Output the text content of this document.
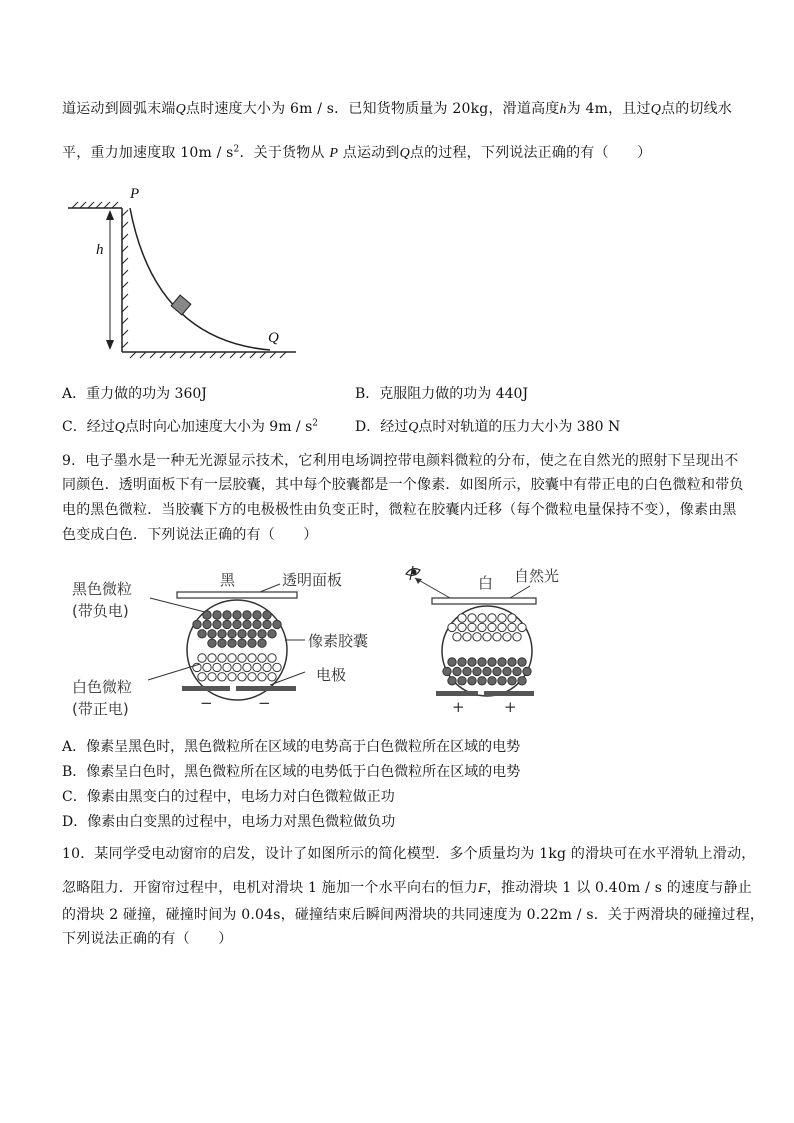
道运动到圆弧末端Q点时速度大小为 6m / s．已知货物质量为 20kg，滑道高度h为 4m，且过Q点的切线水
平，重力加速度取 $10m / s^2$．关于货物从 P 点运动到Q点的过程，下列说法正确的有（　　）
P
h
Q
A．重力做的功为 360J	B．克服阻力做的功为 440J
C．经过Q点时向心加速度大小为 $9m / s^2$	D．经过Q点时对轨道的压力大小为 380 N
9．电子墨水是一种无光源显示技术，它利用电场调控带电颜料微粒的分布，使之在自然光的照射下呈现出不
同颜色．透明面板下有一层胶囊，其中每个胶囊都是一个像素．如图所示，胶囊中有带正电的白色微粒和带负
电的黑色微粒．当胶囊下方的电极极性由负变正时，微粒在胶囊内迁移（每个微粒电量保持不变），像素由黑
色变成白色．下列说法正确的有（　　）
黑色微粒
(带负电)
黑	透明面板
像素胶囊
电极
白色微粒
(带正电)	−	−
白 自然光
+	+
A．像素呈黑色时，黑色微粒所在区域的电势高于白色微粒所在区域的电势
B．像素呈白色时，黑色微粒所在区域的电势低于白色微粒所在区域的电势
C．像素由黑变白的过程中，电场力对白色微粒做正功
D．像素由白变黑的过程中，电场力对黑色微粒做负功
10．某同学受电动窗帘的启发，设计了如图所示的简化模型．多个质量均为 1kg 的滑块可在水平滑轨上滑动，
忽略阻力．开窗帘过程中，电机对滑块 1 施加一个水平向右的恒力F，推动滑块 1 以 0.40m / s 的速度与静止
的滑块 2 碰撞，碰撞时间为 0.04s，碰撞结束后瞬间两滑块的共同速度为 0.22m / s．关于两滑块的碰撞过程，
下列说法正确的有（　　）
